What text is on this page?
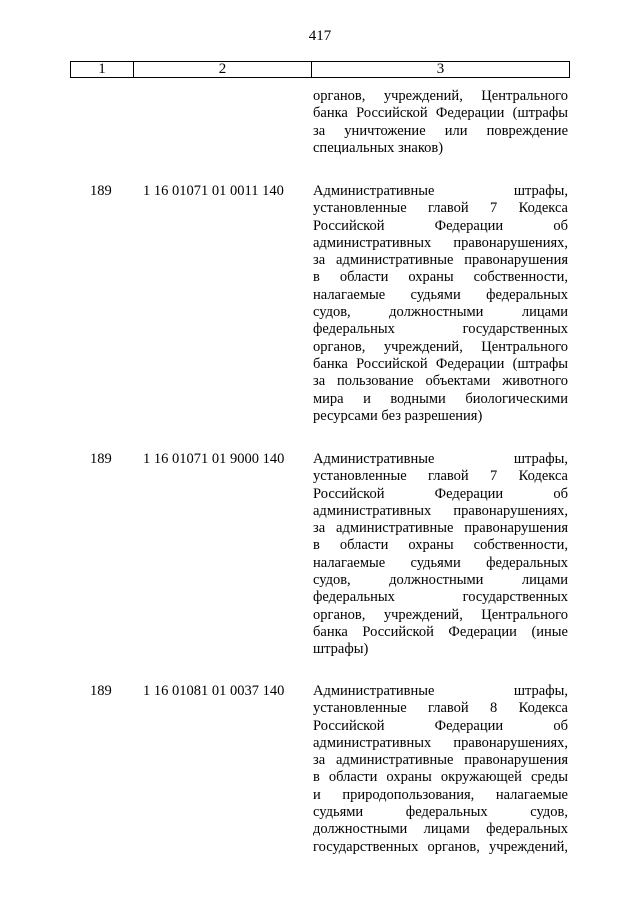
417
1	2	3
органов, учреждений, Центрального
банка Российской Федерации (штрафы
за уничтожение или повреждение
специальных знаков)
189	1 16 01071 01 0011 140 Административные штрафы,
установленные главой 7 Кодекса
Российской Федерации об
административных правонарушениях,
за административные правонарушения
в области охраны собственности,
налагаемые судьями федеральных
судов, должностными лицами
федеральных государственных
органов, учреждений, Центрального
банка Российской Федерации (штрафы
за пользование объектами животного
мира и водными биологическими
ресурсами без разрешения)
189	1 16 01071 01 9000 140 Административные штрафы,
установленные главой 7 Кодекса
Российской Федерации об
административных правонарушениях,
за административные правонарушения
в области охраны собственности,
налагаемые судьями федеральных
судов, должностными лицами
федеральных государственных
органов, учреждений, Центрального
банка Российской Федерации (иные
штрафы)
189	1 16 01081 01 0037 140 Административные штрафы,
установленные главой 8 Кодекса
Российской Федерации об
административных правонарушениях,
за административные правонарушения
в области охраны окружающей среды
и природопользования, налагаемые
судьями федеральных судов,
должностными лицами федеральных
государственных органов, учреждений,
